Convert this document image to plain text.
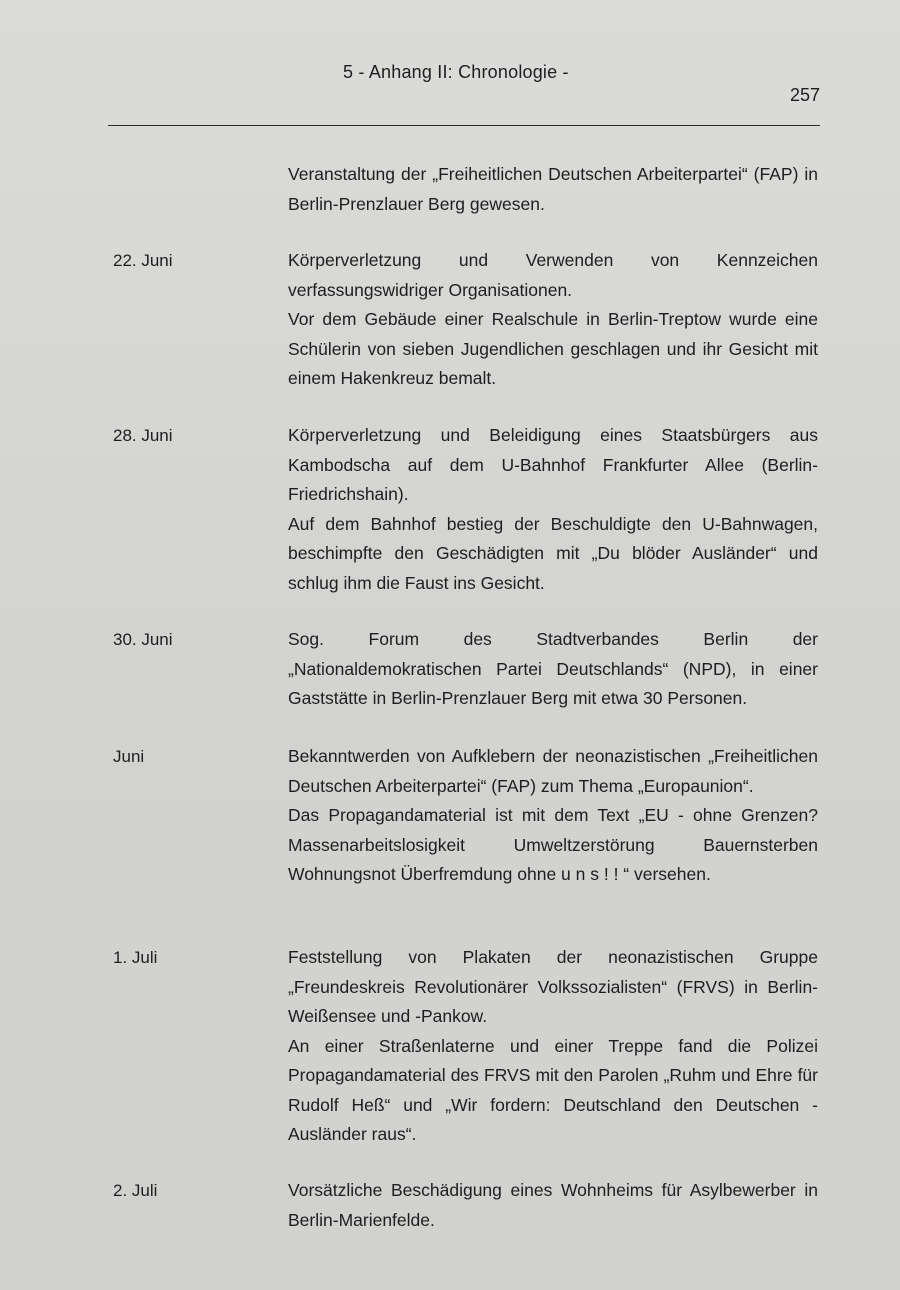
5 - Anhang II: Chronologie -
257

Veranstaltung der „Freiheitlichen Deutschen Arbeiterpartei“ (FAP) in Berlin-Prenzlauer Berg gewesen.

22. Juni	Körperverletzung und Verwenden von Kennzeichen verfassungswidriger Organisationen.

Vor dem Gebäude einer Realschule in Berlin-Treptow wurde eine Schülerin von sieben Jugendlichen geschlagen und ihr Gesicht mit einem Hakenkreuz bemalt.

28. Juni	Körperverletzung und Beleidigung eines Staatsbürgers aus Kambodscha auf dem U-Bahnhof Frankfurter Allee (Berlin-Friedrichshain).

Auf dem Bahnhof bestieg der Beschuldigte den U-Bahnwagen, beschimpfte den Geschädigten mit „Du blöder Ausländer“ und schlug ihm die Faust ins Gesicht.

30. Juni	Sog. Forum des Stadtverbandes Berlin der „Nationaldemokratischen Partei Deutschlands“ (NPD), in einer Gaststätte in Berlin-Prenzlauer Berg mit etwa 30 Personen.

Juni	Bekanntwerden von Aufklebern der neonazistischen „Freiheitlichen Deutschen Arbeiterpartei“ (FAP) zum Thema „Europaunion“.

Das Propagandamaterial ist mit dem Text „EU - ohne Grenzen? Massenarbeitslosigkeit Umweltzerstörung Bauernsterben Wohnungsnot Überfremdung ohne u n s ! ! “ versehen.

1. Juli	Feststellung von Plakaten der neonazistischen Gruppe „Freundeskreis Revolutionärer Volkssozialisten“ (FRVS) in Berlin-Weißensee und -Pankow.

An einer Straßenlaterne und einer Treppe fand die Polizei Propagandamaterial des FRVS mit den Parolen „Ruhm und Ehre für Rudolf Heß“ und „Wir fordern: Deutschland den Deutschen - Ausländer raus“.

2. Juli	Vorsätzliche Beschädigung eines Wohnheims für Asylbewerber in Berlin-Marienfelde.
